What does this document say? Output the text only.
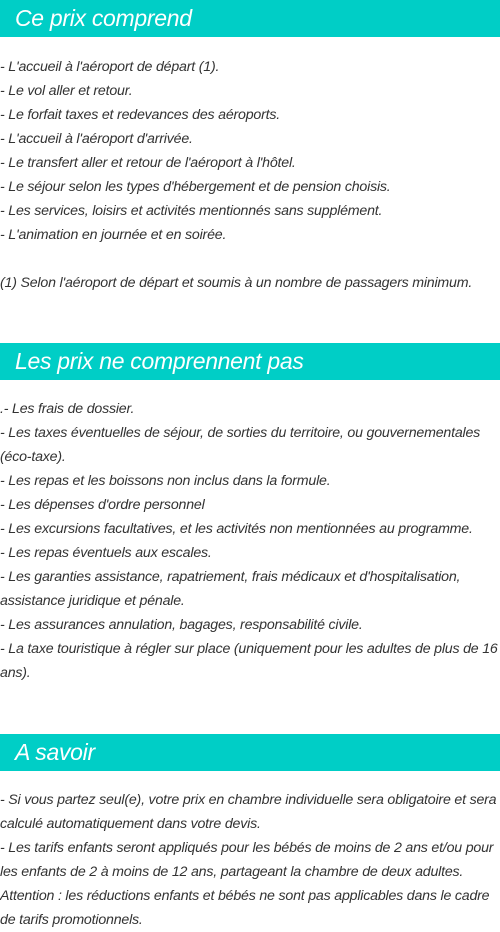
Ce prix comprend
- L'accueil à l'aéroport de départ (1).
- Le vol aller et retour.
- Le forfait taxes et redevances des aéroports.
- L'accueil à l'aéroport d'arrivée.
- Le transfert aller et retour de l'aéroport à l'hôtel.
- Le séjour selon les types d'hébergement et de pension choisis.
- Les services, loisirs et activités mentionnés sans supplément.
- L'animation en journée et en soirée.
(1) Selon l'aéroport de départ et soumis à un nombre de passagers minimum.
Les prix ne comprennent pas
.- Les frais de dossier.
- Les taxes éventuelles de séjour, de sorties du territoire, ou gouvernementales (éco-taxe).
- Les repas et les boissons non inclus dans la formule.
- Les dépenses d'ordre personnel
- Les excursions facultatives, et les activités non mentionnées au programme.
- Les repas éventuels aux escales.
- Les garanties assistance, rapatriement, frais médicaux et d'hospitalisation, assistance juridique et pénale.
- Les assurances annulation, bagages, responsabilité civile.
- La taxe touristique à régler sur place (uniquement pour les adultes de plus de 16 ans).
A savoir
- Si vous partez seul(e), votre prix en chambre individuelle sera obligatoire et sera calculé automatiquement dans votre devis.
- Les tarifs enfants seront appliqués pour les bébés de moins de 2 ans et/ou pour les enfants de 2 à moins de 12 ans, partageant la chambre de deux adultes.
Attention : les réductions enfants et bébés ne sont pas applicables dans le cadre de tarifs promotionnels.
